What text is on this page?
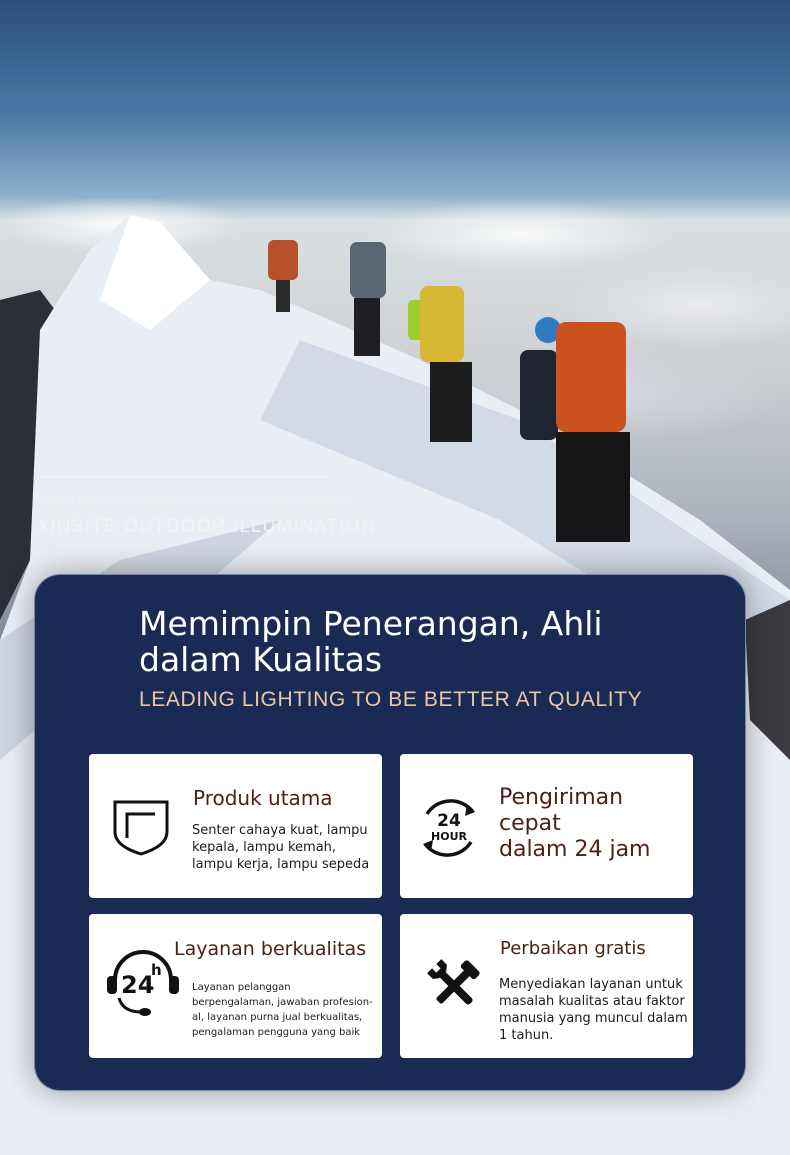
Cahaya gemerlap Xinguang, berbeda dan unik dalam kegelapan
XINSITE OUTDOOR ILLUMINATION
Memimpin Penerangan, Ahli
dalam Kualitas
LEADING LIGHTING TO BE BETTER AT QUALITY
Produk utama
Senter cahaya kuat, lampu
kepala, lampu kemah,
lampu kerja, lampu sepeda
24
HOUR
Pengiriman
cepat
dalam 24 jam
24
h
Layanan berkualitas
Layanan pelanggan
berpengalaman, jawaban profesion-
al, layanan purna jual berkualitas,
pengalaman pengguna yang baik
Perbaikan gratis
Menyediakan layanan untuk
masalah kualitas atau faktor
manusia yang muncul dalam
1 tahun.
